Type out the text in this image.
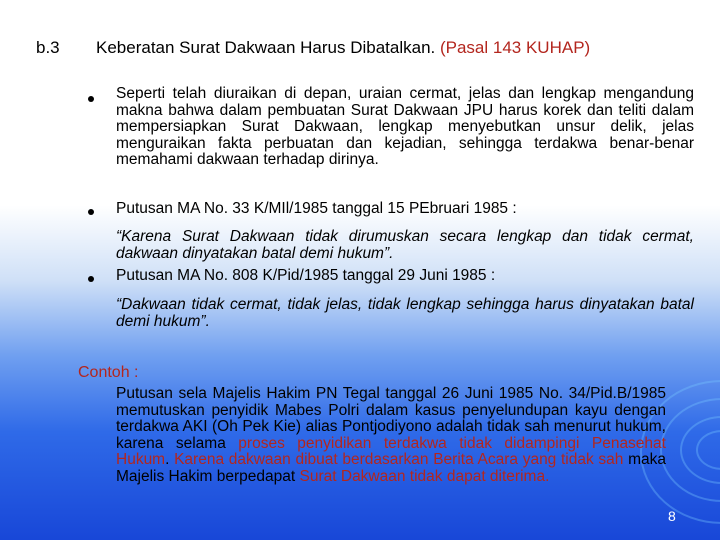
b.3	Keberatan Surat Dakwaan Harus Dibatalkan. (Pasal 143 KUHAP)
Seperti telah diuraikan di depan, uraian cermat, jelas dan lengkap mengandung makna bahwa dalam pembuatan Surat Dakwaan JPU harus korek dan teliti dalam mempersiapkan Surat Dakwaan, lengkap menyebutkan unsur delik, jelas menguraikan fakta perbuatan dan kejadian, sehingga terdakwa benar-benar memahami dakwaan terhadap dirinya.
Putusan MA No. 33 K/MIl/1985 tanggal 15 PEbruari 1985 :
“Karena Surat Dakwaan tidak dirumuskan secara lengkap dan tidak cermat, dakwaan dinyatakan batal demi hukum”.
Putusan MA No. 808 K/Pid/1985 tanggal 29 Juni 1985 :
“Dakwaan tidak cermat, tidak jelas, tidak lengkap sehingga harus dinyatakan batal demi hukum”.
Contoh :
Putusan sela Majelis Hakim PN Tegal tanggal 26 Juni 1985 No. 34/Pid.B/1985 memutuskan penyidik Mabes Polri dalam kasus penyelundupan kayu dengan terdakwa AKI (Oh Pek Kie) alias Pontjodiyono adalah tidak sah menurut hukum, karena selama proses penyidikan terdakwa tidak didampingi Penasehat Hukum. Karena dakwaan dibuat berdasarkan Berita Acara yang tidak sah maka Majelis Hakim berpedapat Surat Dakwaan tidak dapat diterima.
8
